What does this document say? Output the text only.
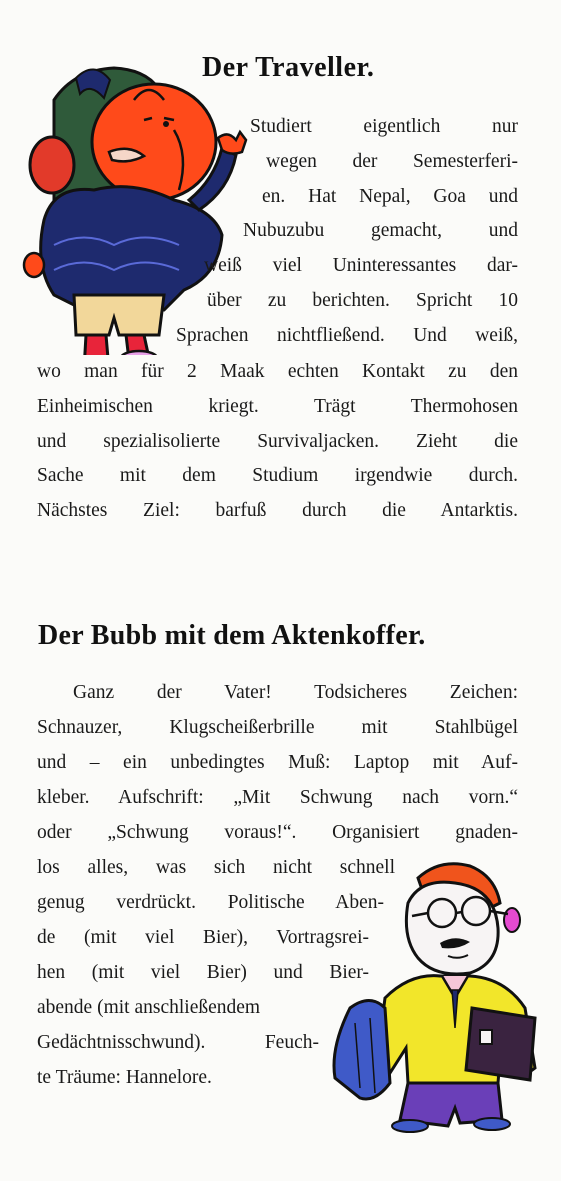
Der Traveller.
Studiert eigentlich nur
wegen der Semesterferi-
en. Hat Nepal, Goa und
Nubuzubu gemacht, und
weiß viel Uninteressantes dar-
über zu berichten. Spricht 10
Sprachen nichtfließend. Und weiß,
wo man für 2 Maak echten Kontakt zu den
Einheimischen kriegt. Trägt Thermohosen
und spezialisolierte Survivaljacken. Zieht die
Sache mit dem Studium irgendwie durch.
Nächstes Ziel: barfuß durch die Antarktis.
Der Bubb mit dem Aktenkoffer.
Ganz der Vater! Todsicheres Zeichen:
Schnauzer, Klugscheißerbrille mit Stahlbügel
und – ein unbedingtes Muß: Laptop mit Auf-
kleber. Aufschrift: „Mit Schwung nach vorn.“
oder „Schwung voraus!“. Organisiert gnaden-
los alles, was sich nicht schnell
genug verdrückt. Politische Aben-
de (mit viel Bier), Vortragsrei-
hen (mit viel Bier) und Bier-
abende (mit anschließendem
Gedächtnisschwund). Feuch-
te Träume: Hannelore.
